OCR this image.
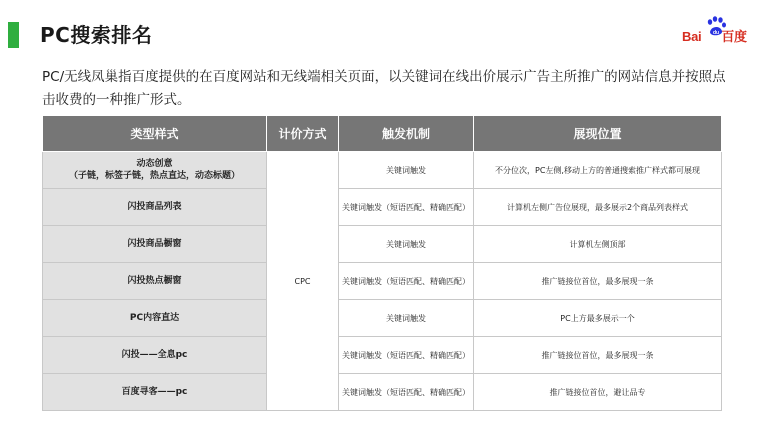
PC搜索排名	du
Bai 百度
PC/无线凤巢指百度提供的在百度网站和无线端相关页面，以关键词在线出价展示广告主所推广的网站信息并按照点击收费的一种推广形式。
类型样式	计价方式	触发机制	展现位置

动态创意
（子链，标签子链，热点直达，动态标题）	CPC	关键词触发	不分位次，PC左侧,移动上方的普通搜索推广样式都可展现
闪投商品列表		关键词触发（短语匹配、精确匹配）	计算机左侧广告位展现，最多展示2个商品列表样式
闪投商品橱窗		关键词触发	计算机左侧顶部
闪投热点橱窗		关键词触发（短语匹配、精确匹配）	推广链接位首位，最多展现一条
PC内容直达		关键词触发	PC上方最多展示一个
闪投——全息pc		关键词触发（短语匹配、精确匹配）	推广链接位首位，最多展现一条
百度寻客——pc		关键词触发（短语匹配、精确匹配）	推广链接位首位，避让品专
